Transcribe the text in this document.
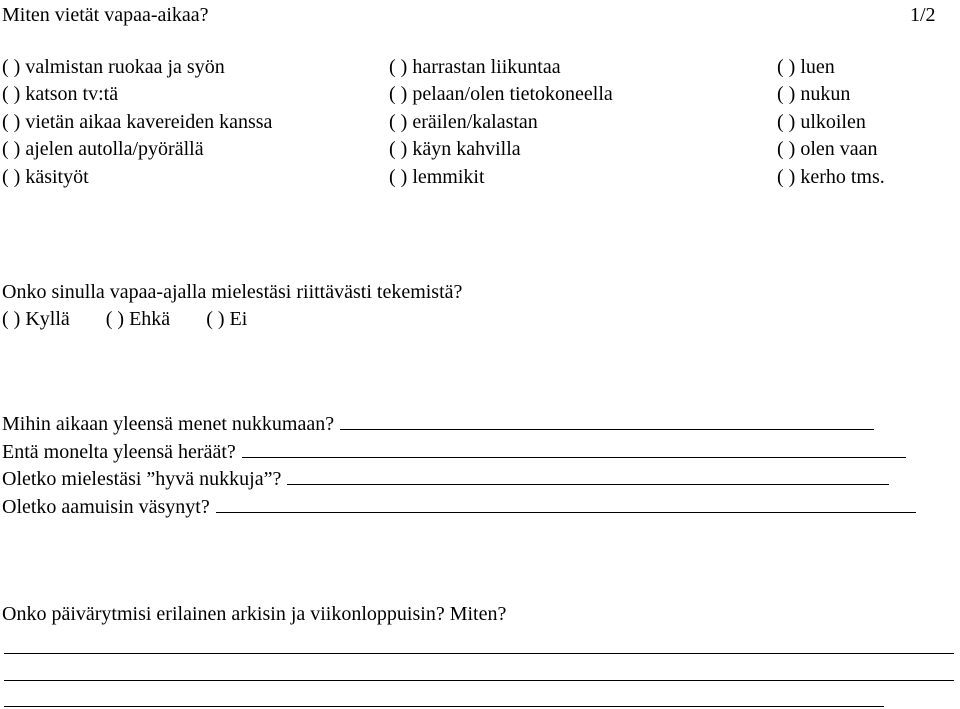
Miten vietät vapaa-aikaa?	1/2
( ) valmistan ruokaa ja syön
( ) katson tv:tä
( ) vietän aikaa kavereiden kanssa
( ) ajelen autolla/pyörällä
( ) käsityöt
( ) harrastan liikuntaa
( ) pelaan/olen tietokoneella
( ) eräilen/kalastan
( ) käyn kahvilla
( ) lemmikit
( ) luen
( ) nukun
( ) ulkoilen
( ) olen vaan
( ) kerho tms.
Onko sinulla vapaa-ajalla mielestäsi riittävästi tekemistä?
( ) Kyllä ( ) Ehkä ( ) Ei
Mihin aikaan yleensä menet nukkumaan?
Entä monelta yleensä heräät?
Oletko mielestäsi ”hyvä nukkuja”?
Oletko aamuisin väsynyt?
Onko päivärytmisi erilainen arkisin ja viikonloppuisin? Miten?
